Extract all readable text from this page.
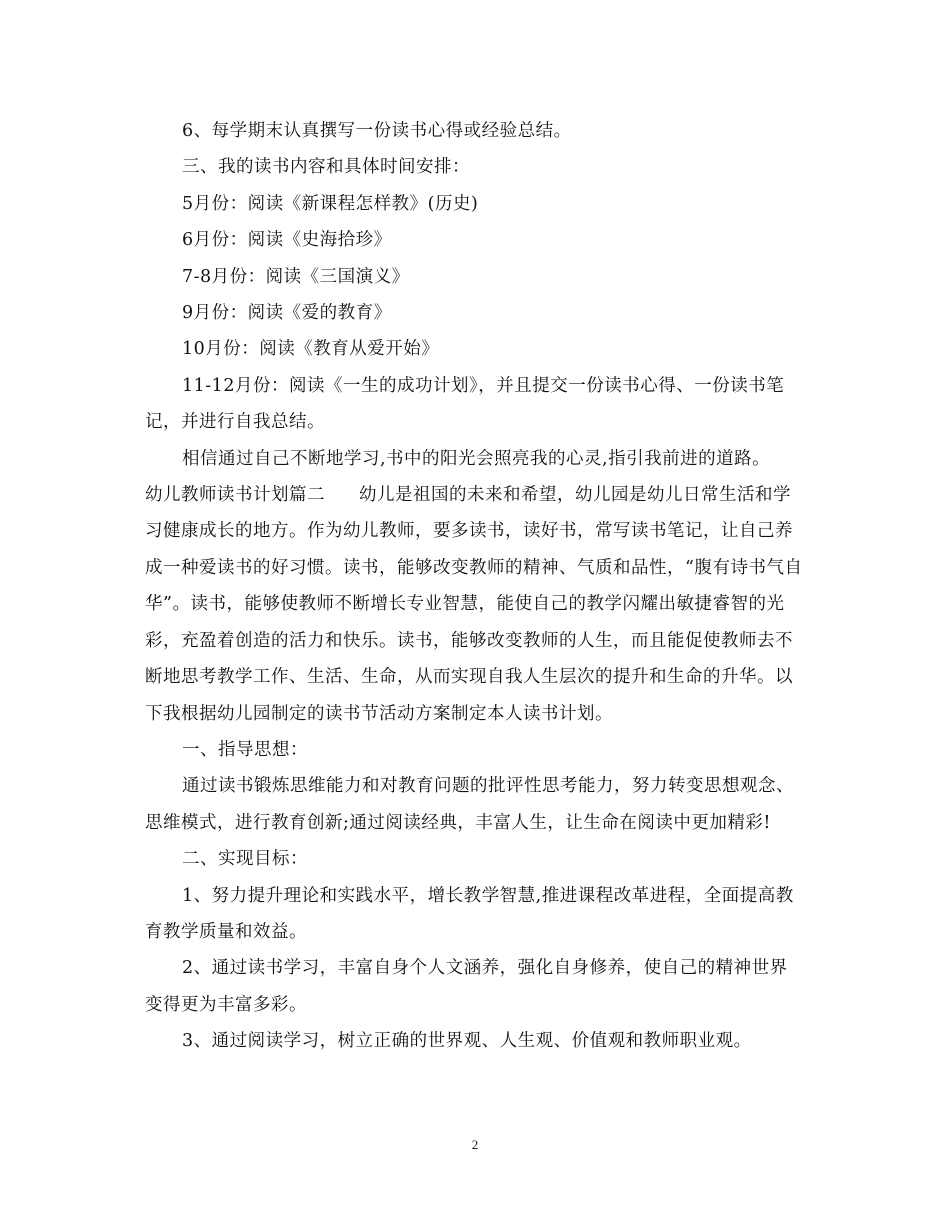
6、每学期末认真撰写一份读书心得或经验总结。

三、我的读书内容和具体时间安排：

5月份：阅读《新课程怎样教》(历史)

6月份：阅读《史海拾珍》

7-8月份：阅读《三国演义》

9月份：阅读《爱的教育》

10月份：阅读《教育从爱开始》

11-12月份：阅读《一生的成功计划》，并且提交一份读书心得、一份读书笔记，并进行自我总结。

相信通过自己不断地学习,书中的阳光会照亮我的心灵,指引我前进的道路。

幼儿教师读书计划篇二 幼儿是祖国的未来和希望，幼儿园是幼儿日常生活和学习健康成长的地方。作为幼儿教师，要多读书，读好书，常写读书笔记，让自己养成一种爱读书的好习惯。读书，能够改变教师的精神、气质和品性，“腹有诗书气自华”。读书，能够使教师不断增长专业智慧，能使自己的教学闪耀出敏捷睿智的光彩，充盈着创造的活力和快乐。读书，能够改变教师的人生，而且能促使教师去不断地思考教学工作、生活、生命，从而实现自我人生层次的提升和生命的升华。以下我根据幼儿园制定的读书节活动方案制定本人读书计划。

一、指导思想：

通过读书锻炼思维能力和对教育问题的批评性思考能力，努力转变思想观念、思维模式，进行教育创新;通过阅读经典，丰富人生，让生命在阅读中更加精彩!

二、实现目标：

1、努力提升理论和实践水平，增长教学智慧,推进课程改革进程，全面提高教育教学质量和效益。

2、通过读书学习，丰富自身个人文涵养，强化自身修养，使自己的精神世界变得更为丰富多彩。

3、通过阅读学习，树立正确的世界观、人生观、价值观和教师职业观。

2
